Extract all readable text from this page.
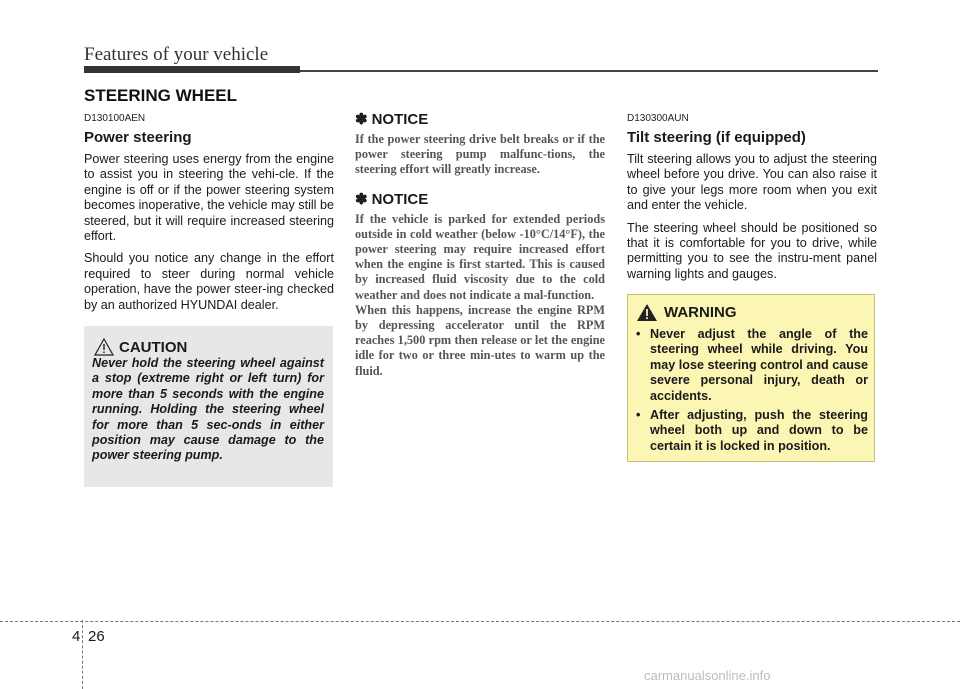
Features of your vehicle
STEERING WHEEL
D130100AEN
Power steering

Power steering uses energy from the engine to assist you in steering the vehi-cle. If the engine is off or if the power steering system becomes inoperative, the vehicle may still be steered, but it will require increased steering effort.

Should you notice any change in the effort required to steer during normal vehicle operation, have the power steer-ing checked by an authorized HYUNDAI dealer.

CAUTION
Never hold the steering wheel against a stop (extreme right or left turn) for more than 5 seconds with the engine running. Holding the steering wheel for more than 5 sec-onds in either position may cause damage to the power steering pump.
✽ NOTICE

If the power steering drive belt breaks or if the power steering pump malfunc-tions, the steering effort will greatly increase.

✽ NOTICE

If the vehicle is parked for extended periods outside in cold weather (below -10°C/14°F), the power steering may require increased effort when the engine is first started. This is caused by increased fluid viscosity due to the cold weather and does not indicate a mal-function.

When this happens, increase the engine RPM by depressing accelerator until the RPM reaches 1,500 rpm then release or let the engine idle for two or three min-utes to warm up the fluid.

D130300AUN
Tilt steering (if equipped)

Tilt steering allows you to adjust the steering wheel before you drive. You can also raise it to give your legs more room when you exit and enter the vehicle.

The steering wheel should be positioned so that it is comfortable for you to drive, while permitting you to see the instru-ment panel warning lights and gauges.

WARNING
• Never adjust the angle of the steering wheel while driving. You may lose steering control and cause severe personal injury, death or accidents.
• After adjusting, push the steering wheel both up and down to be certain it is locked in position.
4 26
carmanualsonline.info
